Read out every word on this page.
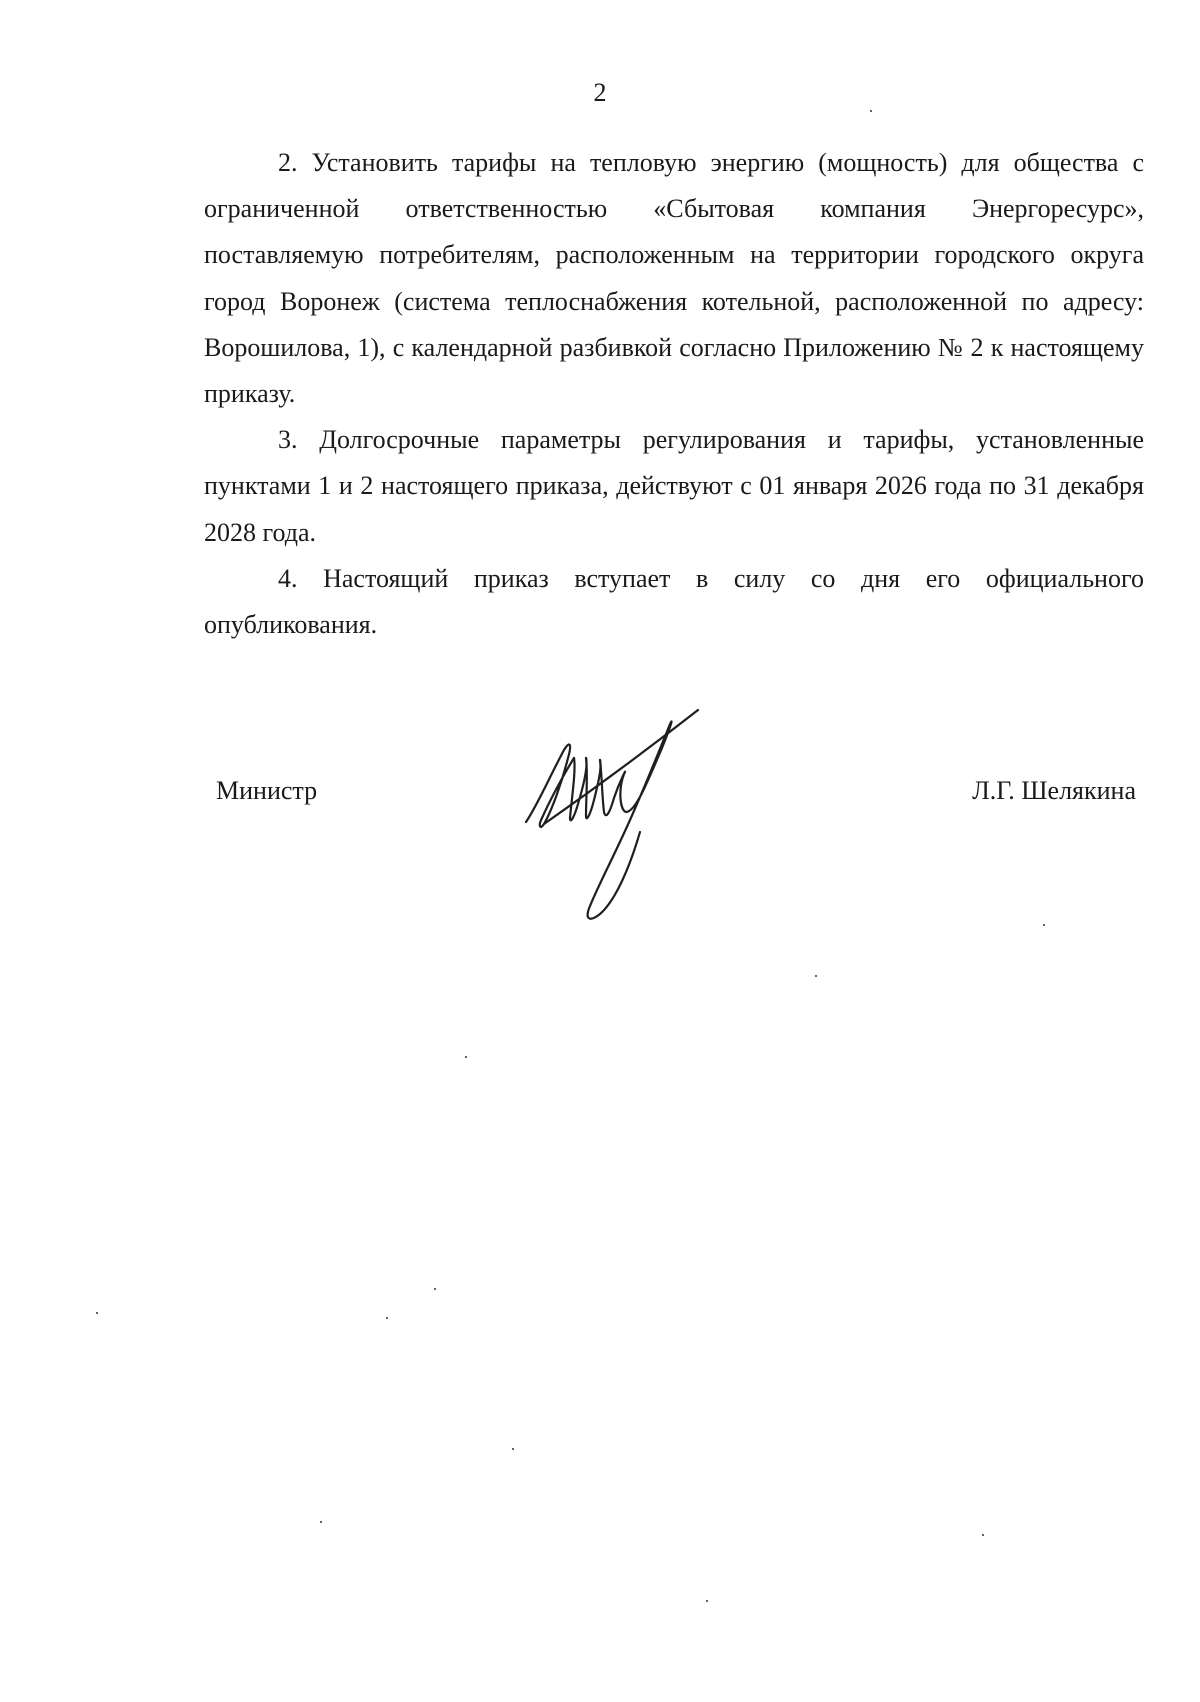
2

2. Установить тарифы на тепловую энергию (мощность) для общества с ограниченной ответственностью «Сбытовая компания Энергоресурс», поставляемую потребителям, расположенным на территории городского округа город Воронеж (система теплоснабжения котельной, расположенной по адресу: Ворошилова, 1), с календарной разбивкой согласно Приложению № 2 к настоящему приказу.

3. Долгосрочные параметры регулирования и тарифы, установленные пунктами 1 и 2 настоящего приказа, действуют с 01 января 2026 года по 31 декабря 2028 года.

4. Настоящий приказ вступает в силу со дня его официального опубликования.

Министр	Л.Г. Шелякина
